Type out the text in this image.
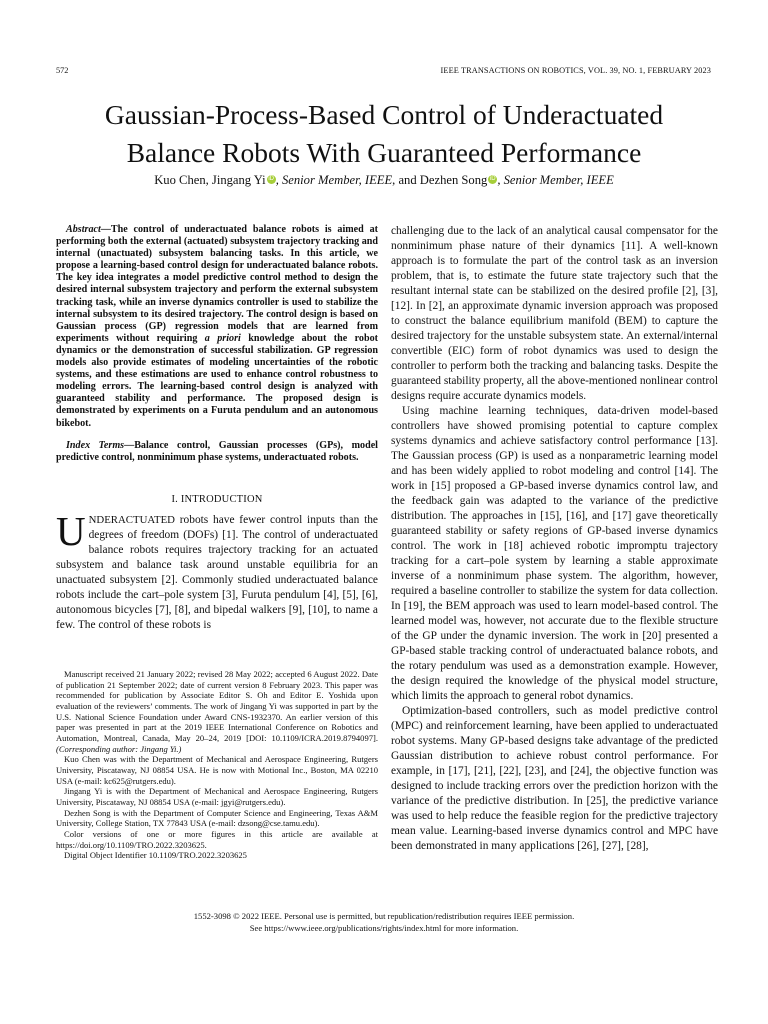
572	IEEE TRANSACTIONS ON ROBOTICS, VOL. 39, NO. 1, FEBRUARY 2023
Gaussian-Process-Based Control of Underactuated
Balance Robots With Guaranteed Performance
Kuo Chen, Jingang Yi iD , Senior Member, IEEE, and Dezhen Song iD , Senior Member, IEEE

Abstract—The control of underactuated balance robots is aimed at performing both the external (actuated) subsystem trajectory tracking and internal (unactuated) subsystem balancing tasks. In this article, we propose a learning-based control design for underactuated balance robots. The key idea integrates a model predictive control method to design the desired internal subsystem trajectory and perform the external subsystem tracking task, while an inverse dynamics controller is used to stabilize the internal subsystem to its desired trajectory. The control design is based on Gaussian process (GP) regression models that are learned from experiments without requiring a priori knowledge about the robot dynamics or the demonstration of successful stabilization. GP regression models also provide estimates of modeling uncertainties of the robotic systems, and these estimations are used to enhance control robustness to modeling errors. The learning-based control design is analyzed with guaranteed stability and performance. The proposed design is demonstrated by experiments on a Furuta pendulum and an autonomous bikebot.

Index Terms—Balance control, Gaussian processes (GPs), model predictive control, nonminimum phase systems, underactuated robots.

I. INTRODUCTION

UNDERACTUATED robots have fewer control inputs than the degrees of freedom (DOFs) [1]. The control of underactuated balance robots requires trajectory tracking for an actuated subsystem and balance task around unstable equilibria for an unactuated subsystem [2]. Commonly studied underactuated balance robots include the cart–pole system [3], Furuta pendulum [4], [5], [6], autonomous bicycles [7], [8], and bipedal walkers [9], [10], to name a few. The control of these robots is

Manuscript received 21 January 2022; revised 28 May 2022; accepted 6 August 2022. Date of publication 21 September 2022; date of current version 8 February 2023. This paper was recommended for publication by Associate Editor S. Oh and Editor E. Yoshida upon evaluation of the reviewers’ comments. The work of Jingang Yi was supported in part by the U.S. National Science Foundation under Award CNS-1932370. An earlier version of this paper was presented in part at the 2019 IEEE International Conference on Robotics and Automation, Montreal, Canada, May 20–24, 2019 [DOI: 10.1109/ICRA.2019.8794097]. (Corresponding author: Jingang Yi.)

Kuo Chen was with the Department of Mechanical and Aerospace Engineering, Rutgers University, Piscataway, NJ 08854 USA. He is now with Motional Inc., Boston, MA 02210 USA (e-mail: kc625@rutgers.edu).

Jingang Yi is with the Department of Mechanical and Aerospace Engineering, Rutgers University, Piscataway, NJ 08854 USA (e-mail: jgyi@rutgers.edu).

Dezhen Song is with the Department of Computer Science and Engineering, Texas A&M University, College Station, TX 77843 USA (e-mail: dzsong@cse.tamu.edu).

Color versions of one or more figures in this article are available at https://doi.org/10.1109/TRO.2022.3203625.

Digital Object Identifier 10.1109/TRO.2022.3203625

challenging due to the lack of an analytical causal compensator for the nonminimum phase nature of their dynamics [11]. A well-known approach is to formulate the part of the control task as an inversion problem, that is, to estimate the future state trajectory such that the resultant internal state can be stabilized on the desired profile [2], [3], [12]. In [2], an approximate dynamic inversion approach was proposed to construct the balance equilibrium manifold (BEM) to capture the desired trajectory for the unstable subsystem state. An external/internal convertible (EIC) form of robot dynamics was used to design the controller to perform both the tracking and balancing tasks. Despite the guaranteed stability property, all the above-mentioned nonlinear control designs require accurate dynamics models.

Using machine learning techniques, data-driven model-based controllers have showed promising potential to capture complex systems dynamics and achieve satisfactory control performance [13]. The Gaussian process (GP) is used as a nonparametric learning model and has been widely applied to robot modeling and control [14]. The work in [15] proposed a GP-based inverse dynamics control law, and the feedback gain was adapted to the variance of the predictive distribution. The approaches in [15], [16], and [17] gave theoretically guaranteed stability or safety regions of GP-based inverse dynamics control. The work in [18] achieved robotic impromptu trajectory tracking for a cart–pole system by learning a stable approximate inverse of a nonminimum phase system. The algorithm, however, required a baseline controller to stabilize the system for data collection. In [19], the BEM approach was used to learn model-based control. The learned model was, however, not accurate due to the flexible structure of the GP under the dynamic inversion. The work in [20] presented a GP-based stable tracking control of underactuated balance robots, and the rotary pendulum was used as a demonstration example. However, the design required the knowledge of the physical model structure, which limits the approach to general robot dynamics.

Optimization-based controllers, such as model predictive control (MPC) and reinforcement learning, have been applied to underactuated robot systems. Many GP-based designs take advantage of the predicted Gaussian distribution to achieve robust control performance. For example, in [17], [21], [22], [23], and [24], the objective function was designed to include tracking errors over the prediction horizon with the variance of the predictive distribution. In [25], the predictive variance was used to help reduce the feasible region for the predictive trajectory mean value. Learning-based inverse dynamics control and MPC have been demonstrated in many applications [26], [27], [28],

1552-3098 © 2022 IEEE. Personal use is permitted, but republication/redistribution requires IEEE permission.
See https://www.ieee.org/publications/rights/index.html for more information.
